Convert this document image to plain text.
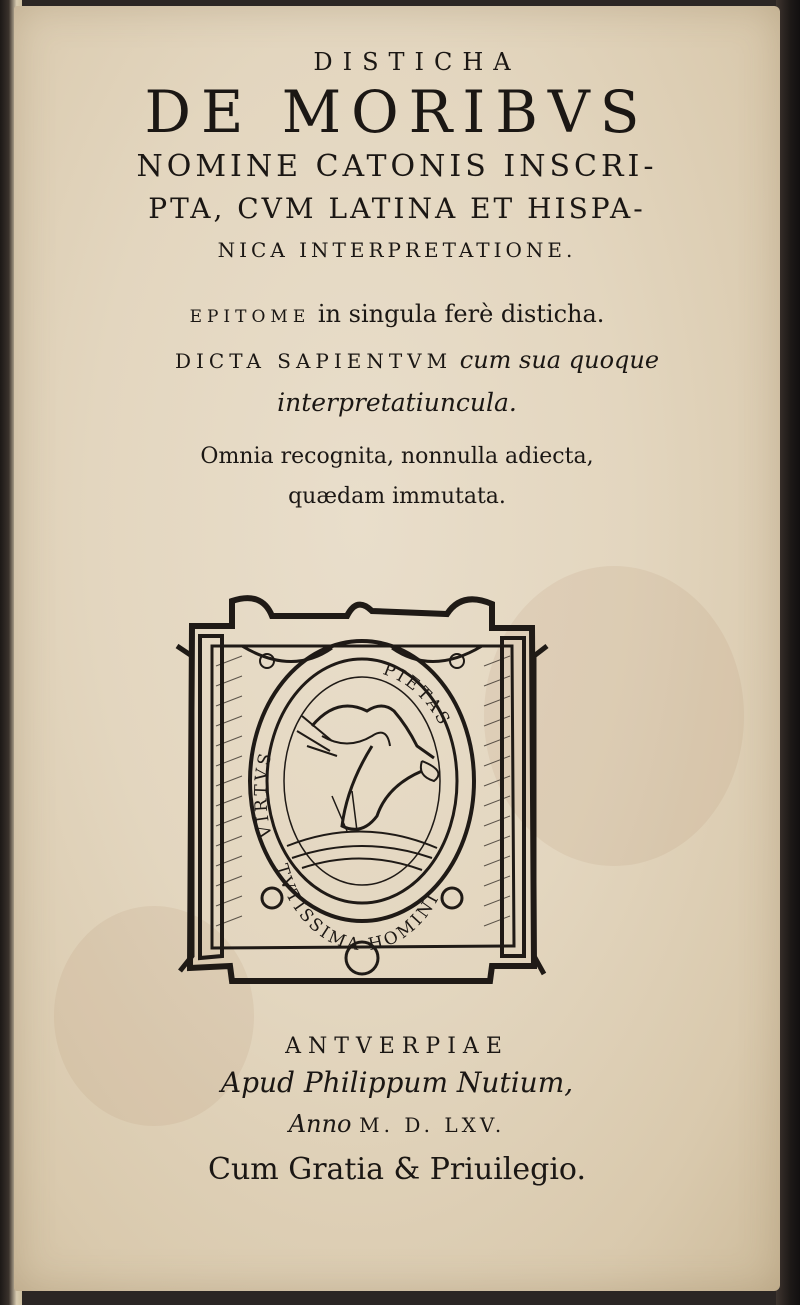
DISTICHA
DE MORIBVS
NOMINE CATONIS INSCRI-
PTA, CVM LATINA ET HISPA-
NICA INTERPRETATIONE.
EPITOME in singula ferè disticha.
DICTA SAPIENTVM cum sua quoque
interpretatiuncula.
Omnia recognita, nonnulla adiecta,
quædam immutata.
VIRTVS
PIETAS
TVTISSIMA HOMINI
ANTVERPIAE
Apud Philippum Nutium,
Anno M. D. LXV.
Cum Gratia & Priuilegio.
